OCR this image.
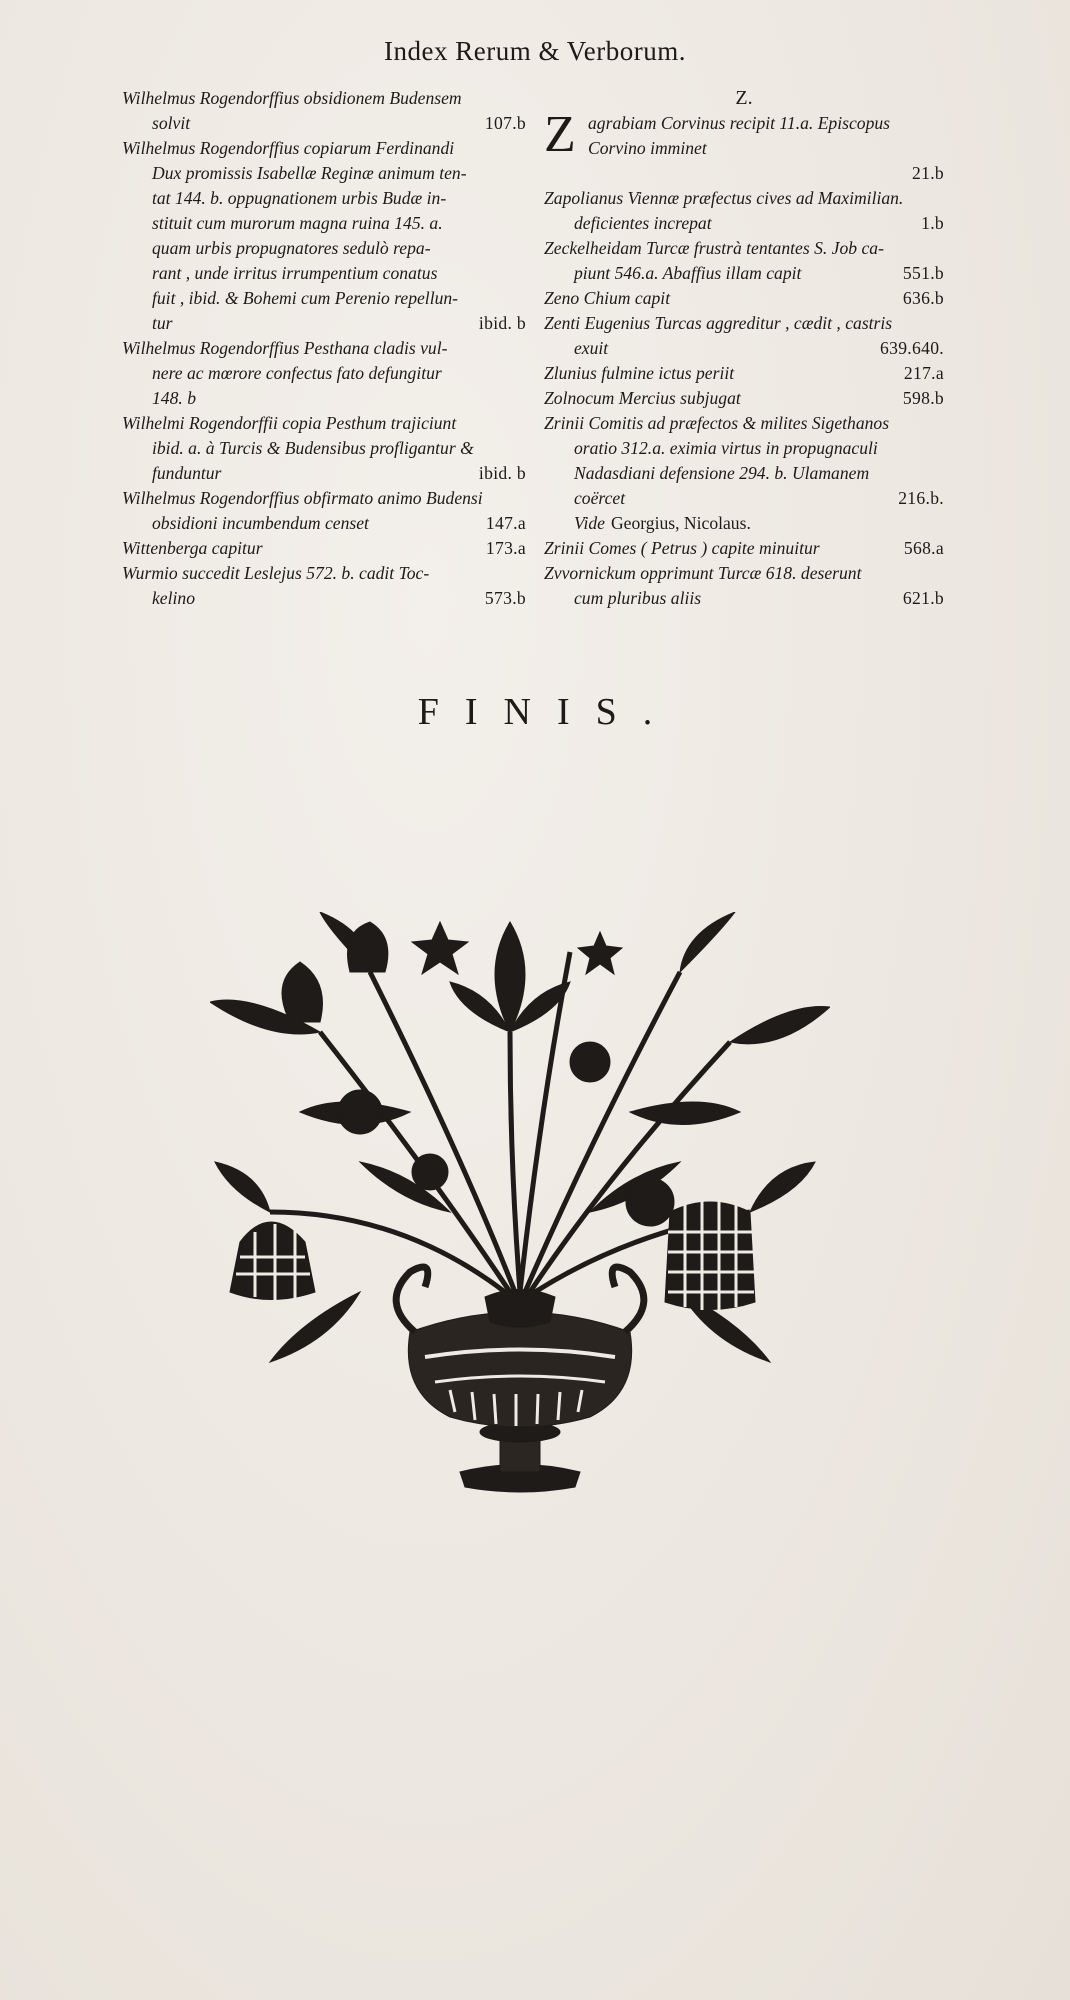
Index Rerum & Verborum.
Wilhelmus Rogendorffius obsidionem Budensem
solvit	107.b
Wilhelmus Rogendorffius copiarum Ferdinandi
Dux promissis Isabellæ Reginæ animum ten-
tat 144. b. oppugnationem urbis Budæ in-
stituit cum murorum magna ruina 145. a.
quam urbis propugnatores sedulò repa-
rant , unde irritus irrumpentium conatus
fuit , ibid. & Bohemi cum Perenio repellun-
tur	ibid. b
Wilhelmus Rogendorffius Pesthana cladis vul-
nere ac mœrore confectus fato defungitur
148. b
Wilhelmi Rogendorffii copia Pesthum trajiciunt
ibid. a. à Turcis & Budensibus profligantur &
funduntur	ibid. b
Wilhelmus Rogendorffius obfirmato animo Budensi
obsidioni incumbendum censet	147.a
Wittenberga capitur	173.a
Wurmio succedit Leslejus 572. b. cadit Toc-
kelino	573.b
Z.
Z agrabiam Corvinus recipit 11.a. Episcopus
Corvino imminet
21.b
Zapolianus Viennæ præfectus cives ad Maximilian.
deficientes increpat	1.b
Zeckelheidam Turcæ frustrà tentantes S. Job ca-
piunt 546.a. Abaffius illam capit	551.b
Zeno Chium capit	636.b
Zenti Eugenius Turcas aggreditur , cædit , castris
exuit	639.640.
Zlunius fulmine ictus periit	217.a
Zolnocum Mercius subjugat	598.b
Zrinii Comitis ad præfectos & milites Sigethanos
oratio 312.a. eximia virtus in propugnaculi
Nadasdiani defensione 294. b. Ulamanem
coërcet	216.b.
Vide Georgius, Nicolaus.
Zrinii Comes ( Petrus ) capite minuitur	568.a
Zvvornickum opprimunt Turcæ 618. deserunt
cum pluribus aliis	621.b
FINIS.
